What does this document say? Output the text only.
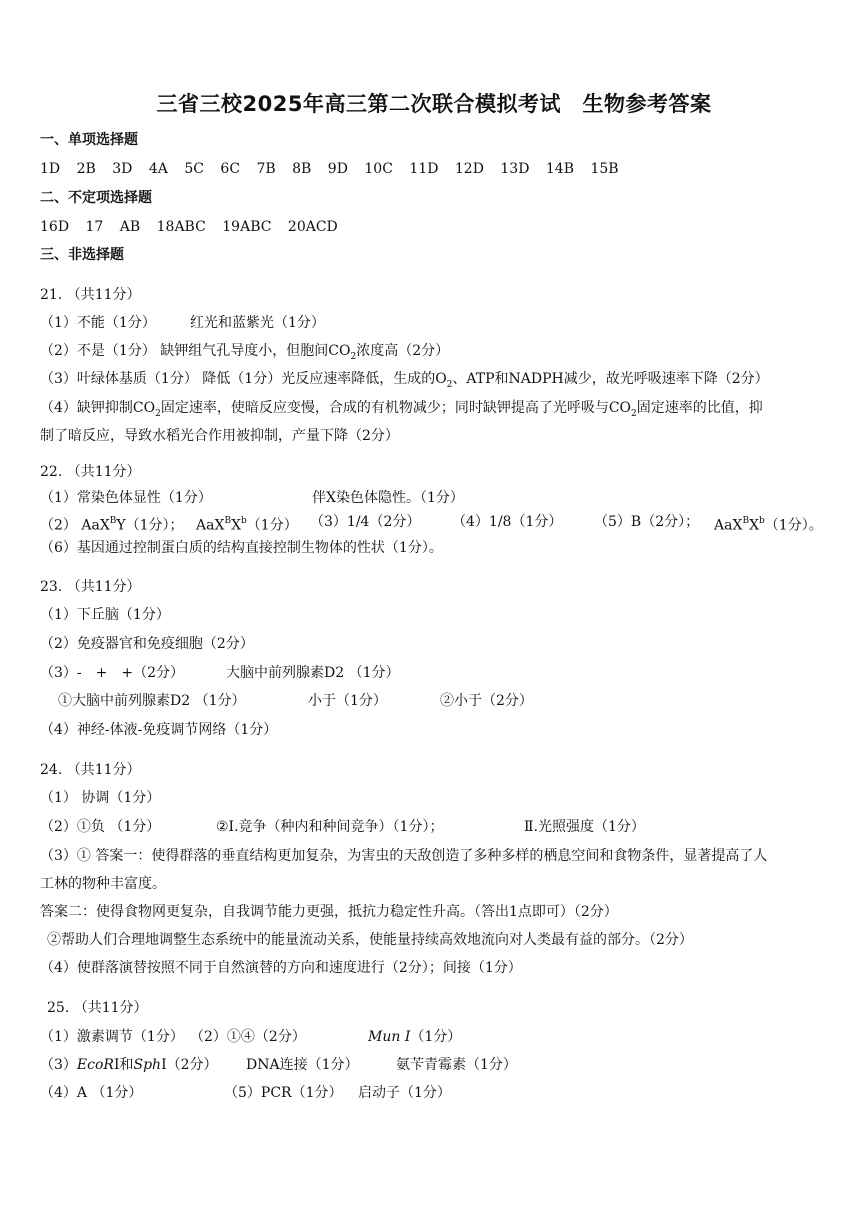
三省三校2025年高三第二次联合模拟考试　生物参考答案
一、单项选择题
1D 2B 3D 4A 5C 6C 7B 8B 9D 10C 11D 12D 13D 14B 15B
二、不定项选择题
16D 17 AB 18ABC 19ABC 20ACD
三、非选择题
21. （共11分）
（1）不能（1分） 红光和蓝紫光（1分）
（2）不是（1分） 缺钾组气孔导度小，但胞间$CO_2$浓度高（2分）
（3）叶绿体基质（1分） 降低（1分）光反应速率降低，生成的$O_2$、ATP和NADPH减少，故光呼吸速率下降（2分）
（4）缺钾抑制$CO_2$固定速率，使暗反应变慢，合成的有机物减少；同时缺钾提高了光呼吸与$CO_2$固定速率的比值，抑
制了暗反应，导致水稻光合作用被抑制，产量下降（2分）
22. （共11分）
（1）常染色体显性（1分）	伴X染色体隐性。（1分）
（2） AaX$^B$Y（1分）； $AaX^BX^b(1$分） （3）1/4（2分） （4）1/8（1分） （5）B（2分）； $AaX^BX^b(1$分）。
（6）基因通过控制蛋白质的结构直接控制生物体的性状（1分）。
23. （共11分）
（1）下丘脑（1分）
（2）免疫器官和免疫细胞（2分）
（3）-　+　+（2分）	大脑中前列腺素D2 （1分）
①大脑中前列腺素D2 （1分）	小于（1分）	②小于（2分）
（4）神经-体液-免疫调节网络（1分）
24. （共11分）
（1） 协调（1分）
（2）①负 （1分）	②Ⅰ.竞争（种内和种间竞争）（1分）；	Ⅱ.光照强度（1分）
（3）① 答案一：使得群落的垂直结构更加复杂，为害虫的天敌创造了多种多样的栖息空间和食物条件，显著提高了人
工林的物种丰富度。
答案二：使得食物网更复杂，自我调节能力更强，抵抗力稳定性升高。（答出1点即可）（2分）
②帮助人们合理地调整生态系统中的能量流动关系，使能量持续高效地流向对人类最有益的部分。（2分）
（4）使群落演替按照不同于自然演替的方向和速度进行（2分）；间接（1分）
25. （共11分）
（1）激素调节（1分） （2）①④（2分）	Mun Ⅰ（1分）
（3）EcoRⅠ和SphⅠ（2分） DNA连接（1分）	氨苄青霉素（1分）
（4）A （1分）	（5）PCR（1分） 启动子（1分）
